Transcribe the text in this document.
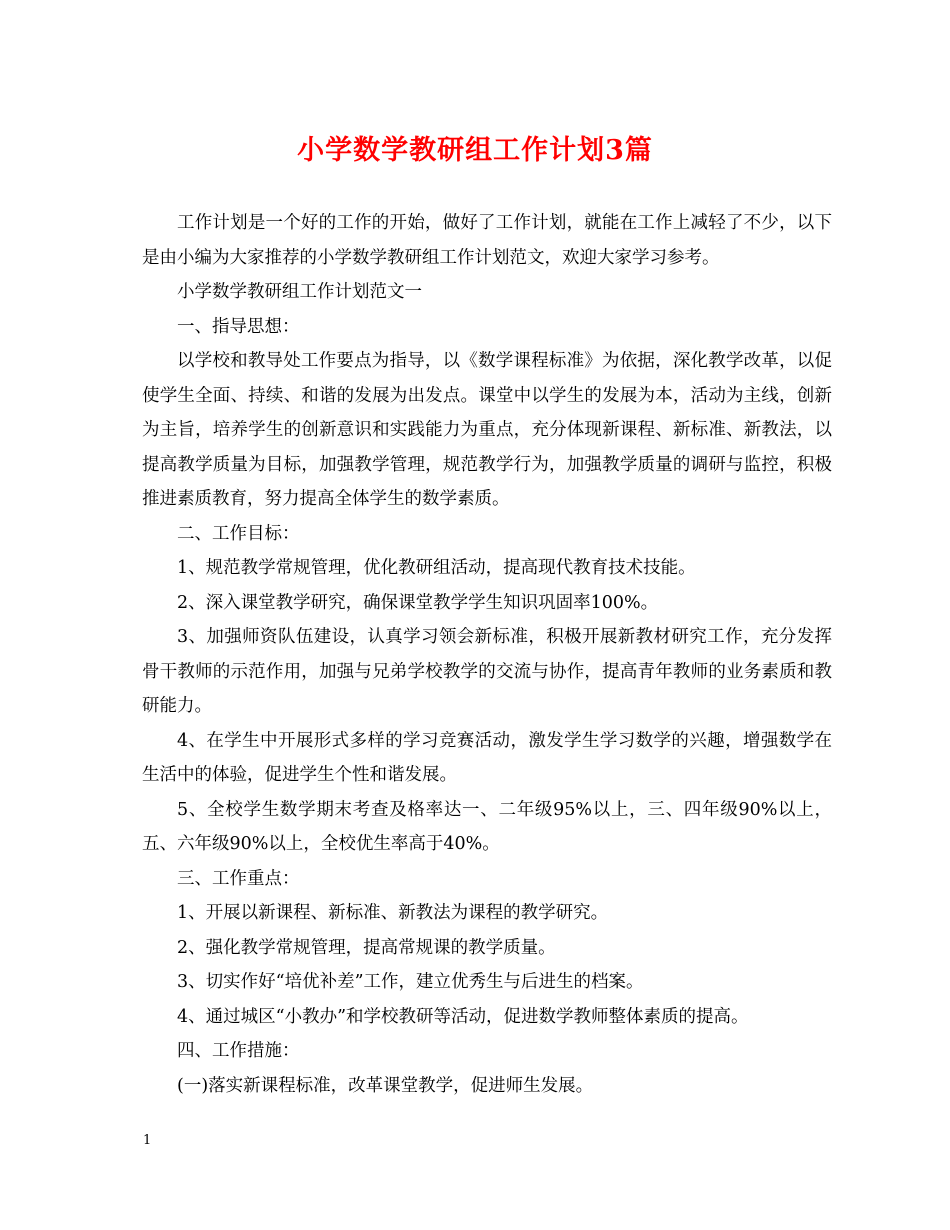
小学数学教研组工作计划3篇

工作计划是一个好的工作的开始，做好了工作计划，就能在工作上减轻了不少，以下是由小编为大家推荐的小学数学教研组工作计划范文，欢迎大家学习参考。

小学数学教研组工作计划范文一

一、指导思想：

以学校和教导处工作要点为指导，以《数学课程标准》为依据，深化教学改革，以促使学生全面、持续、和谐的发展为出发点。课堂中以学生的发展为本，活动为主线，创新为主旨，培养学生的创新意识和实践能力为重点，充分体现新课程、新标准、新教法，以提高教学质量为目标，加强教学管理，规范教学行为，加强教学质量的调研与监控，积极推进素质教育，努力提高全体学生的数学素质。

二、工作目标：

1、规范教学常规管理，优化教研组活动，提高现代教育技术技能。

2、深入课堂教学研究，确保课堂教学学生知识巩固率100%。

3、加强师资队伍建设，认真学习领会新标准，积极开展新教材研究工作，充分发挥骨干教师的示范作用，加强与兄弟学校教学的交流与协作，提高青年教师的业务素质和教研能力。

4、在学生中开展形式多样的学习竞赛活动，激发学生学习数学的兴趣，增强数学在生活中的体验，促进学生个性和谐发展。

5、全校学生数学期末考查及格率达一、二年级95%以上，三、四年级90%以上，五、六年级90%以上，全校优生率高于40%。

三、工作重点：

1、开展以新课程、新标准、新教法为课程的教学研究。

2、强化教学常规管理，提高常规课的教学质量。

3、切实作好“培优补差”工作，建立优秀生与后进生的档案。

4、通过城区“小教办”和学校教研等活动，促进数学教师整体素质的提高。

四、工作措施：

(一)落实新课程标准，改革课堂教学，促进师生发展。

1
